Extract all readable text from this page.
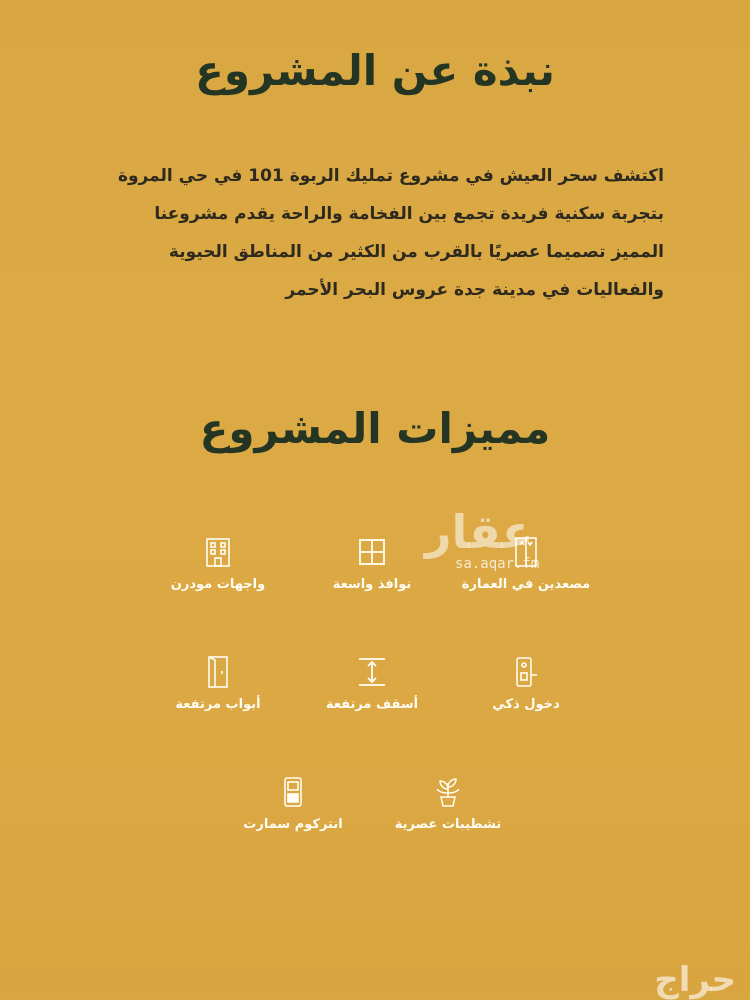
نبذة عن المشروع
اكتشف سحر العيش في مشروع تمليك الربوة 101 في حي المروة
بتجربة سكنية فريدة تجمع بين الفخامة والراحة يقدم مشروعنا
المميز تصميما عصريًا بالقرب من الكثير من المناطق الحيوية
والفعاليات في مدينة جدة عروس البحر الأحمر
مميزات المشروع
واجهات مودرن	نوافذ واسعة	مصعدين في العمارة
أبواب مرتفعة	أسقف مرتفعة	دخول ذكي
انتركوم سمارت	تشطيبات عصرية
عقار
sa.aqar.fm
حراج
